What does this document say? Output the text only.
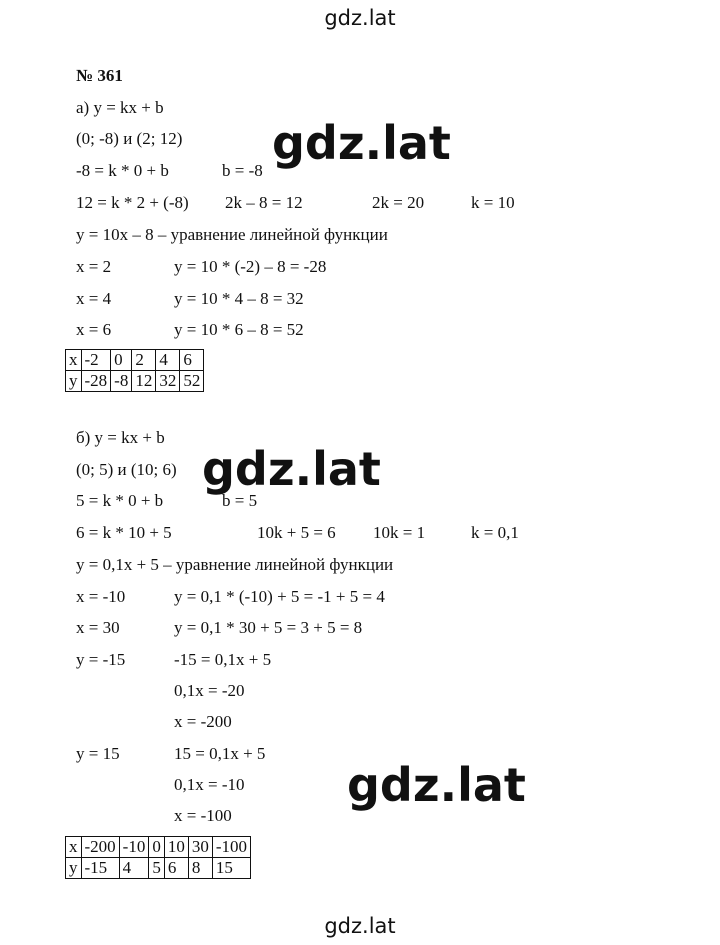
gdz.lat
№ 361
а) y = kx + b
(0; -8) и (2; 12)
-8 = k * 0 + b	b = -8
12 = k * 2 + (-8) 2k – 8 = 12	2k = 20	k = 10
y = 10x – 8 – уравнение линейной функции
x = 2	y = 10 * (-2) – 8 = -28
x = 4	y = 10 * 4 – 8 = 32
x = 6	y = 10 * 6 – 8 = 52
x	-2	0	2	4	6
y	-28	-8	12	32	52
б) y = kx + b
(0; 5) и (10; 6)
5 = k * 0 + b	b = 5
6 = k * 10 + 5	10k + 5 = 6 10k = 1	k = 0,1
y = 0,1x + 5 – уравнение линейной функции
x = -10	y = 0,1 * (-10) + 5 = -1 + 5 = 4
x = 30	y = 0,1 * 30 + 5 = 3 + 5 = 8
y = -15	-15 = 0,1x + 5
0,1x = -20
x = -200
y = 15	15 = 0,1x + 5
0,1x = -10
x = -100
x	-200	-10	0	10	30	-100
y	-15	4	5	6	8	15
gdz.lat
gdz.lat
gdz.lat
gdz.lat
